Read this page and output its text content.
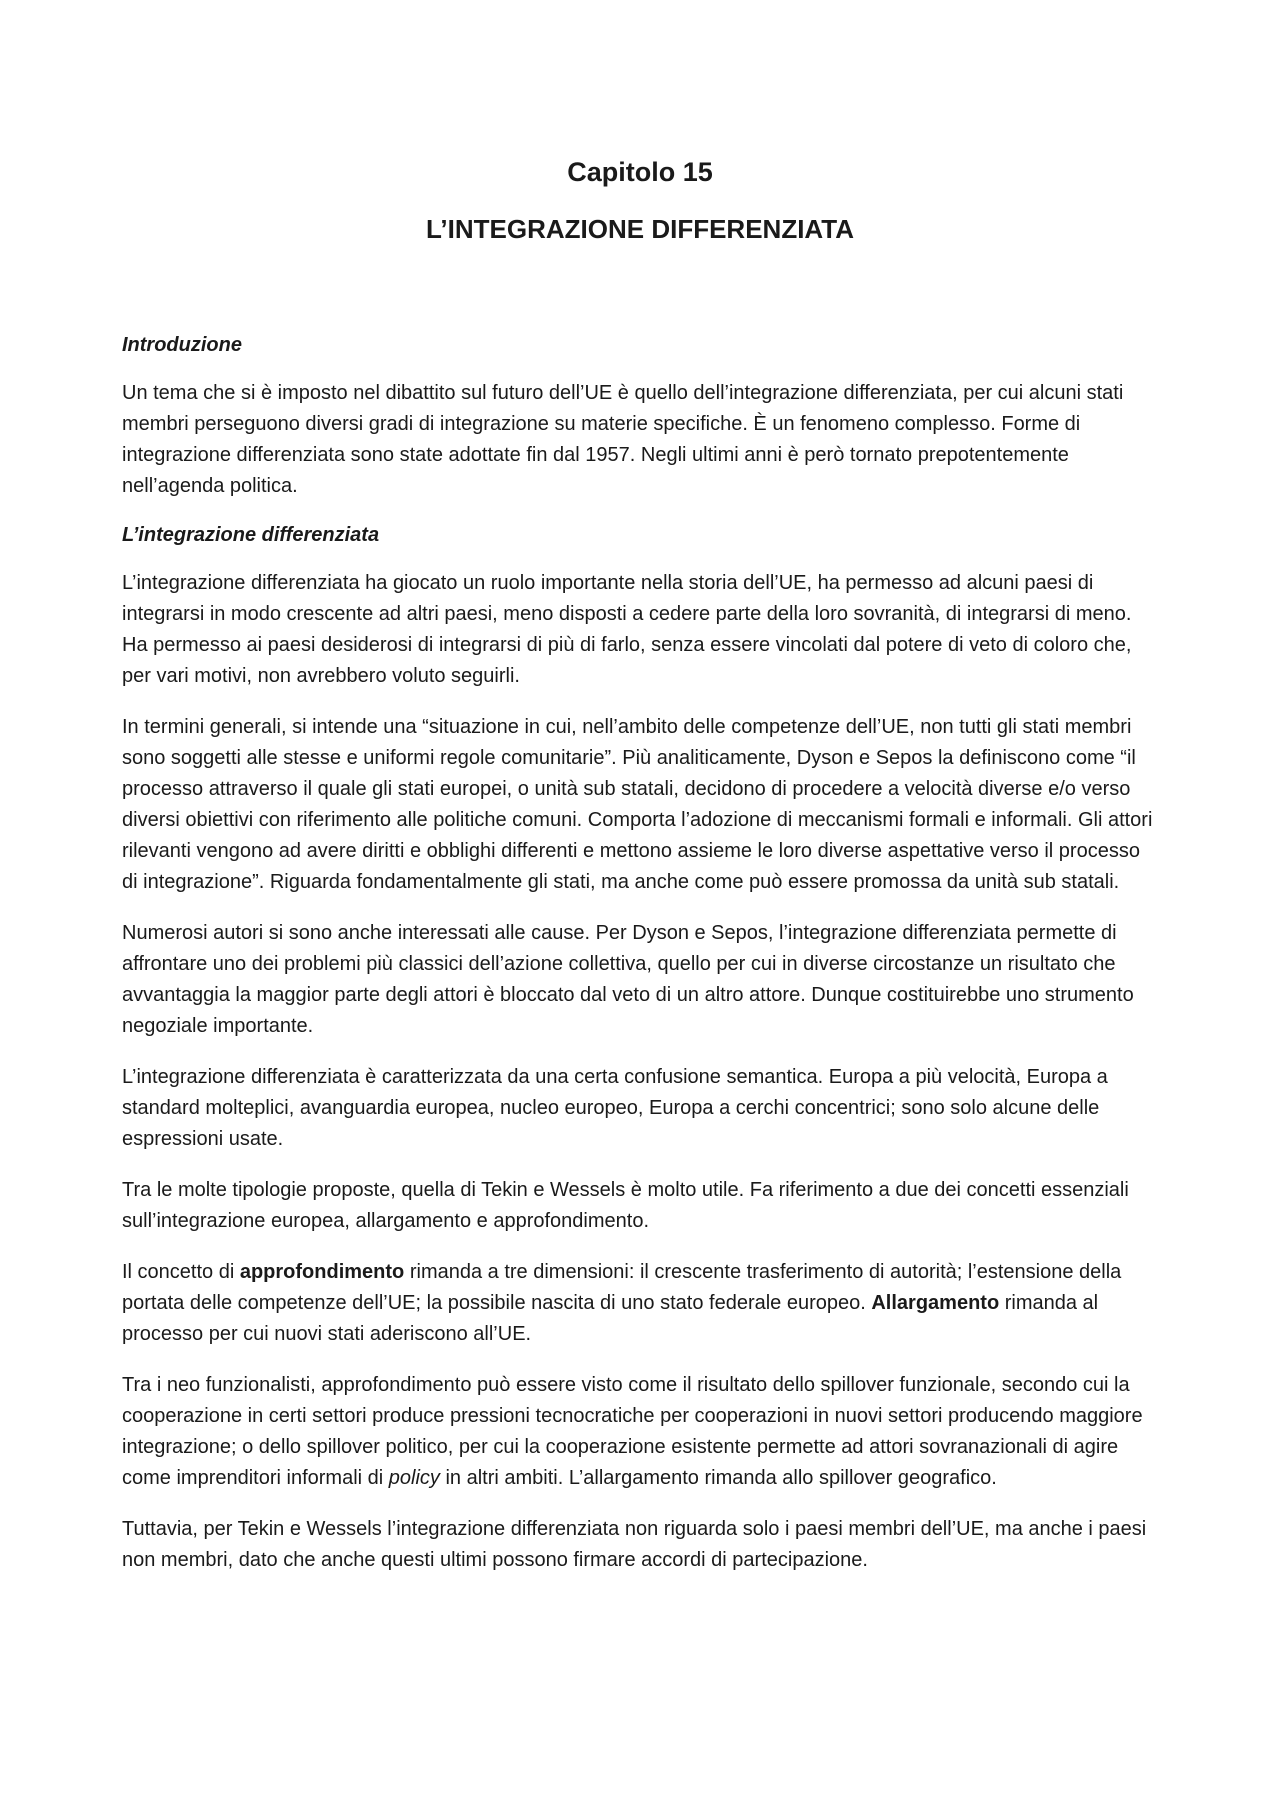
Capitolo 15
L’INTEGRAZIONE DIFFERENZIATA
Introduzione

Un tema che si è imposto nel dibattito sul futuro dell’UE è quello dell’integrazione differenziata, per cui alcuni stati membri perseguono diversi gradi di integrazione su materie specifiche. È un fenomeno complesso. Forme di integrazione differenziata sono state adottate fin dal 1957. Negli ultimi anni è però tornato prepotentemente nell’agenda politica.

L’integrazione differenziata

L’integrazione differenziata ha giocato un ruolo importante nella storia dell’UE, ha permesso ad alcuni paesi di integrarsi in modo crescente ad altri paesi, meno disposti a cedere parte della loro sovranità, di integrarsi di meno. Ha permesso ai paesi desiderosi di integrarsi di più di farlo, senza essere vincolati dal potere di veto di coloro che, per vari motivi, non avrebbero voluto seguirli.

In termini generali, si intende una “situazione in cui, nell’ambito delle competenze dell’UE, non tutti gli stati membri sono soggetti alle stesse e uniformi regole comunitarie”. Più analiticamente, Dyson e Sepos la definiscono come “il processo attraverso il quale gli stati europei, o unità sub statali, decidono di procedere a velocità diverse e/o verso diversi obiettivi con riferimento alle politiche comuni. Comporta l’adozione di meccanismi formali e informali. Gli attori rilevanti vengono ad avere diritti e obblighi differenti e mettono assieme le loro diverse aspettative verso il processo di integrazione”. Riguarda fondamentalmente gli stati, ma anche come può essere promossa da unità sub statali.

Numerosi autori si sono anche interessati alle cause. Per Dyson e Sepos, l’integrazione differenziata permette di affrontare uno dei problemi più classici dell’azione collettiva, quello per cui in diverse circostanze un risultato che avvantaggia la maggior parte degli attori è bloccato dal veto di un altro attore. Dunque costituirebbe uno strumento negoziale importante.

L’integrazione differenziata è caratterizzata da una certa confusione semantica. Europa a più velocità, Europa a standard molteplici, avanguardia europea, nucleo europeo, Europa a cerchi concentrici; sono solo alcune delle espressioni usate.

Tra le molte tipologie proposte, quella di Tekin e Wessels è molto utile. Fa riferimento a due dei concetti essenziali sull’integrazione europea, allargamento e approfondimento.

Il concetto di approfondimento rimanda a tre dimensioni: il crescente trasferimento di autorità; l’estensione della portata delle competenze dell’UE; la possibile nascita di uno stato federale europeo. Allargamento rimanda al processo per cui nuovi stati aderiscono all’UE.

Tra i neo funzionalisti, approfondimento può essere visto come il risultato dello spillover funzionale, secondo cui la cooperazione in certi settori produce pressioni tecnocratiche per cooperazioni in nuovi settori producendo maggiore integrazione; o dello spillover politico, per cui la cooperazione esistente permette ad attori sovranazionali di agire come imprenditori informali di policy in altri ambiti. L’allargamento rimanda allo spillover geografico.

Tuttavia, per Tekin e Wessels l’integrazione differenziata non riguarda solo i paesi membri dell’UE, ma anche i paesi non membri, dato che anche questi ultimi possono firmare accordi di partecipazione.
